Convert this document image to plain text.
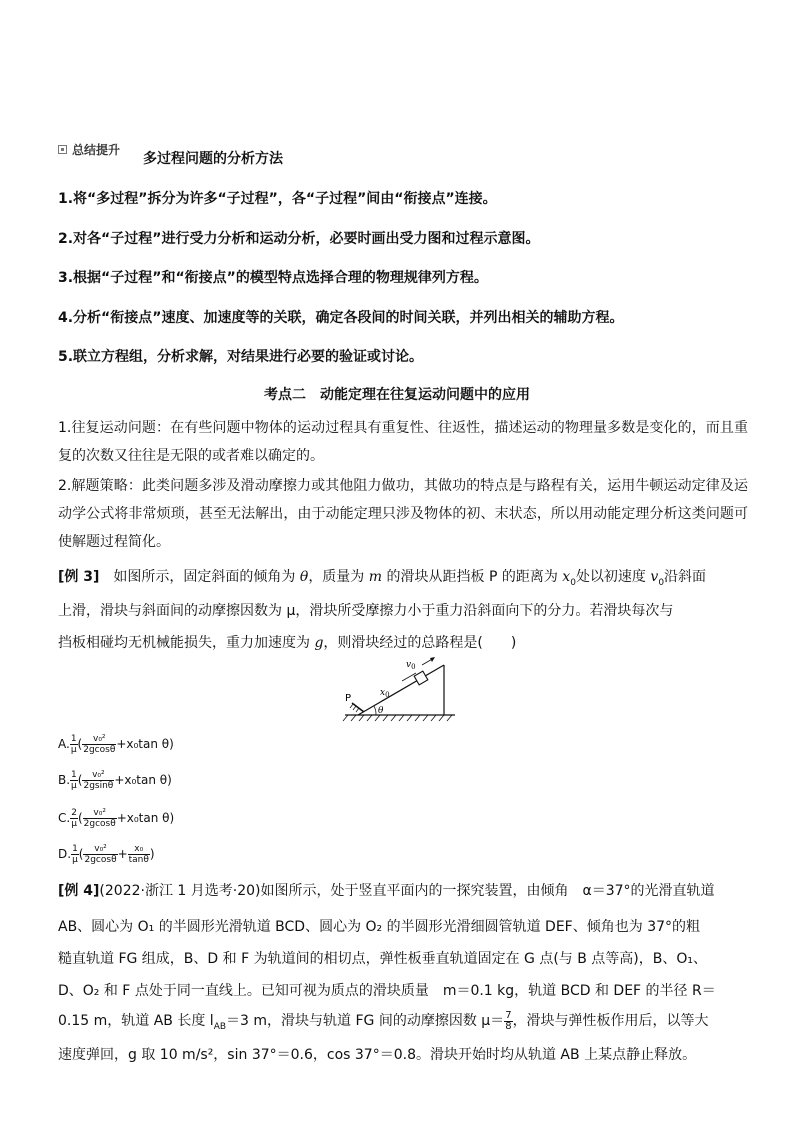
总结提升
多过程问题的分析方法
1.将“多过程”拆分为许多“子过程”，各“子过程”间由“衔接点”连接。
2.对各“子过程”进行受力分析和运动分析，必要时画出受力图和过程示意图。
3.根据“子过程”和“衔接点”的模型特点选择合理的物理规律列方程。
4.分析“衔接点”速度、加速度等的关联，确定各段间的时间关联，并列出相关的辅助方程。
5.联立方程组，分析求解，对结果进行必要的验证或讨论。
考点二　动能定理在往复运动问题中的应用
1.往复运动问题：在有些问题中物体的运动过程具有重复性、往返性，描述运动的物理量多数是变化的，而且重复的次数又往往是无限的或者难以确定的。
2.解题策略：此类问题多涉及滑动摩擦力或其他阻力做功，其做功的特点是与路程有关，运用牛顿运动定律及运动学公式将非常烦琐，甚至无法解出，由于动能定理只涉及物体的初、末状态，所以用动能定理分析这类问题可使解题过程简化。
[例 3]　如图所示，固定斜面的倾角为 θ，质量为 m 的滑块从距挡板 P 的距离为 $x_0$处以初速度 $v_0$沿斜面
上滑，滑块与斜面间的动摩擦因数为 μ，滑块所受摩擦力小于重力沿斜面向下的分力。若滑块每次与
挡板相碰均无机械能损失，重力加速度为 g，则滑块经过的总路程是(　　)
P	$x_0$
$v_0$
θ
A. $\frac{1}{\mu}$ ( $\frac{\text{v₀²}}{2gcos\theta} +x_0\tan$ θ)
B. $\frac{1}{\mu}$ ( $\frac{\text{v₀²}}{2gsin\theta} +x_0\tan$ θ)
C. $\frac{2}{\mu}$ ( $\frac{\text{v₀²}}{2gcos\theta} +x_0\tan$ θ)
D. $\frac{1}{\mu}$ ( $\frac{\text{v₀²}}{2gcos\theta} + \frac{\text{x₀}}{\tan\theta}$ )
[例 4](2022·浙江 1 月选考·20)如图所示，处于竖直平面内的一探究装置，由倾角　α＝37°的光滑直轨道
AB、圆心为 O₁ 的半圆形光滑轨道 BCD、圆心为 O₂ 的半圆形光滑细圆管轨道 DEF、倾角也为 37°的粗
糙直轨道 FG 组成，B、D 和 F 为轨道间的相切点，弹性板垂直轨道固定在 G 点(与 B 点等高)，B、O₁、
D、O₂ 和 F 点处于同一直线上。已知可视为质点的滑块质量　m＝0.1 kg，轨道 BCD 和 DEF 的半径 R＝
0.15 m，轨道 AB 长度 $l_{AB}=3$ m，滑块与轨道 FG 间的动摩擦因数 $\mu= \frac{7}{8}$ ，滑块与弹性板作用后，以等大
速度弹回，g 取 10 m/s²，sin 37°＝0.6，cos 37°＝0.8。滑块开始时均从轨道 AB 上某点静止释放。
